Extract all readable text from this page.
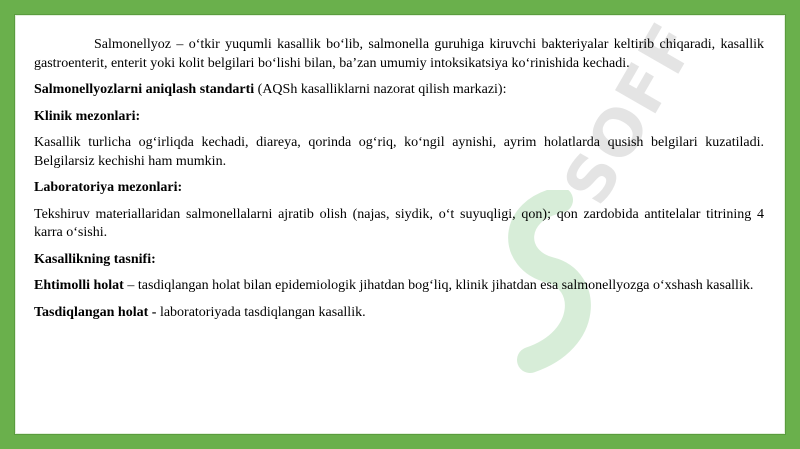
SOFF

Salmonellyoz – o‘tkir yuqumli kasallik bo‘lib, salmonella guruhiga kiruvchi bakteriyalar keltirib chiqaradi, kasallik gastroenterit, enterit yoki kolit belgilari bo‘lishi bilan, ba’zan umumiy intoksikatsiya ko‘rinishida kechadi.

Salmonellyozlarni aniqlash standarti (AQSh kasalliklarni nazorat qilish markazi):

Klinik mezonlari:

Kasallik turlicha og‘irliqda kechadi, diareya, qorinda og‘riq, ko‘ngil aynishi, ayrim holatlarda qusish belgilari kuzatiladi. Belgilarsiz kechishi ham mumkin.

Laboratoriya mezonlari:

Tekshiruv materiallaridan salmonellalarni ajratib olish (najas, siydik, o‘t suyuqligi, qon); qon zardobida antitelalar titrining 4 karra o‘sishi.

Kasallikning tasnifi:

Ehtimolli holat – tasdiqlangan holat bilan epidemiologik jihatdan bog‘liq, klinik jihatdan esa salmonellyozga o‘xshash kasallik.

Tasdiqlangan holat - laboratoriyada tasdiqlangan kasallik.
